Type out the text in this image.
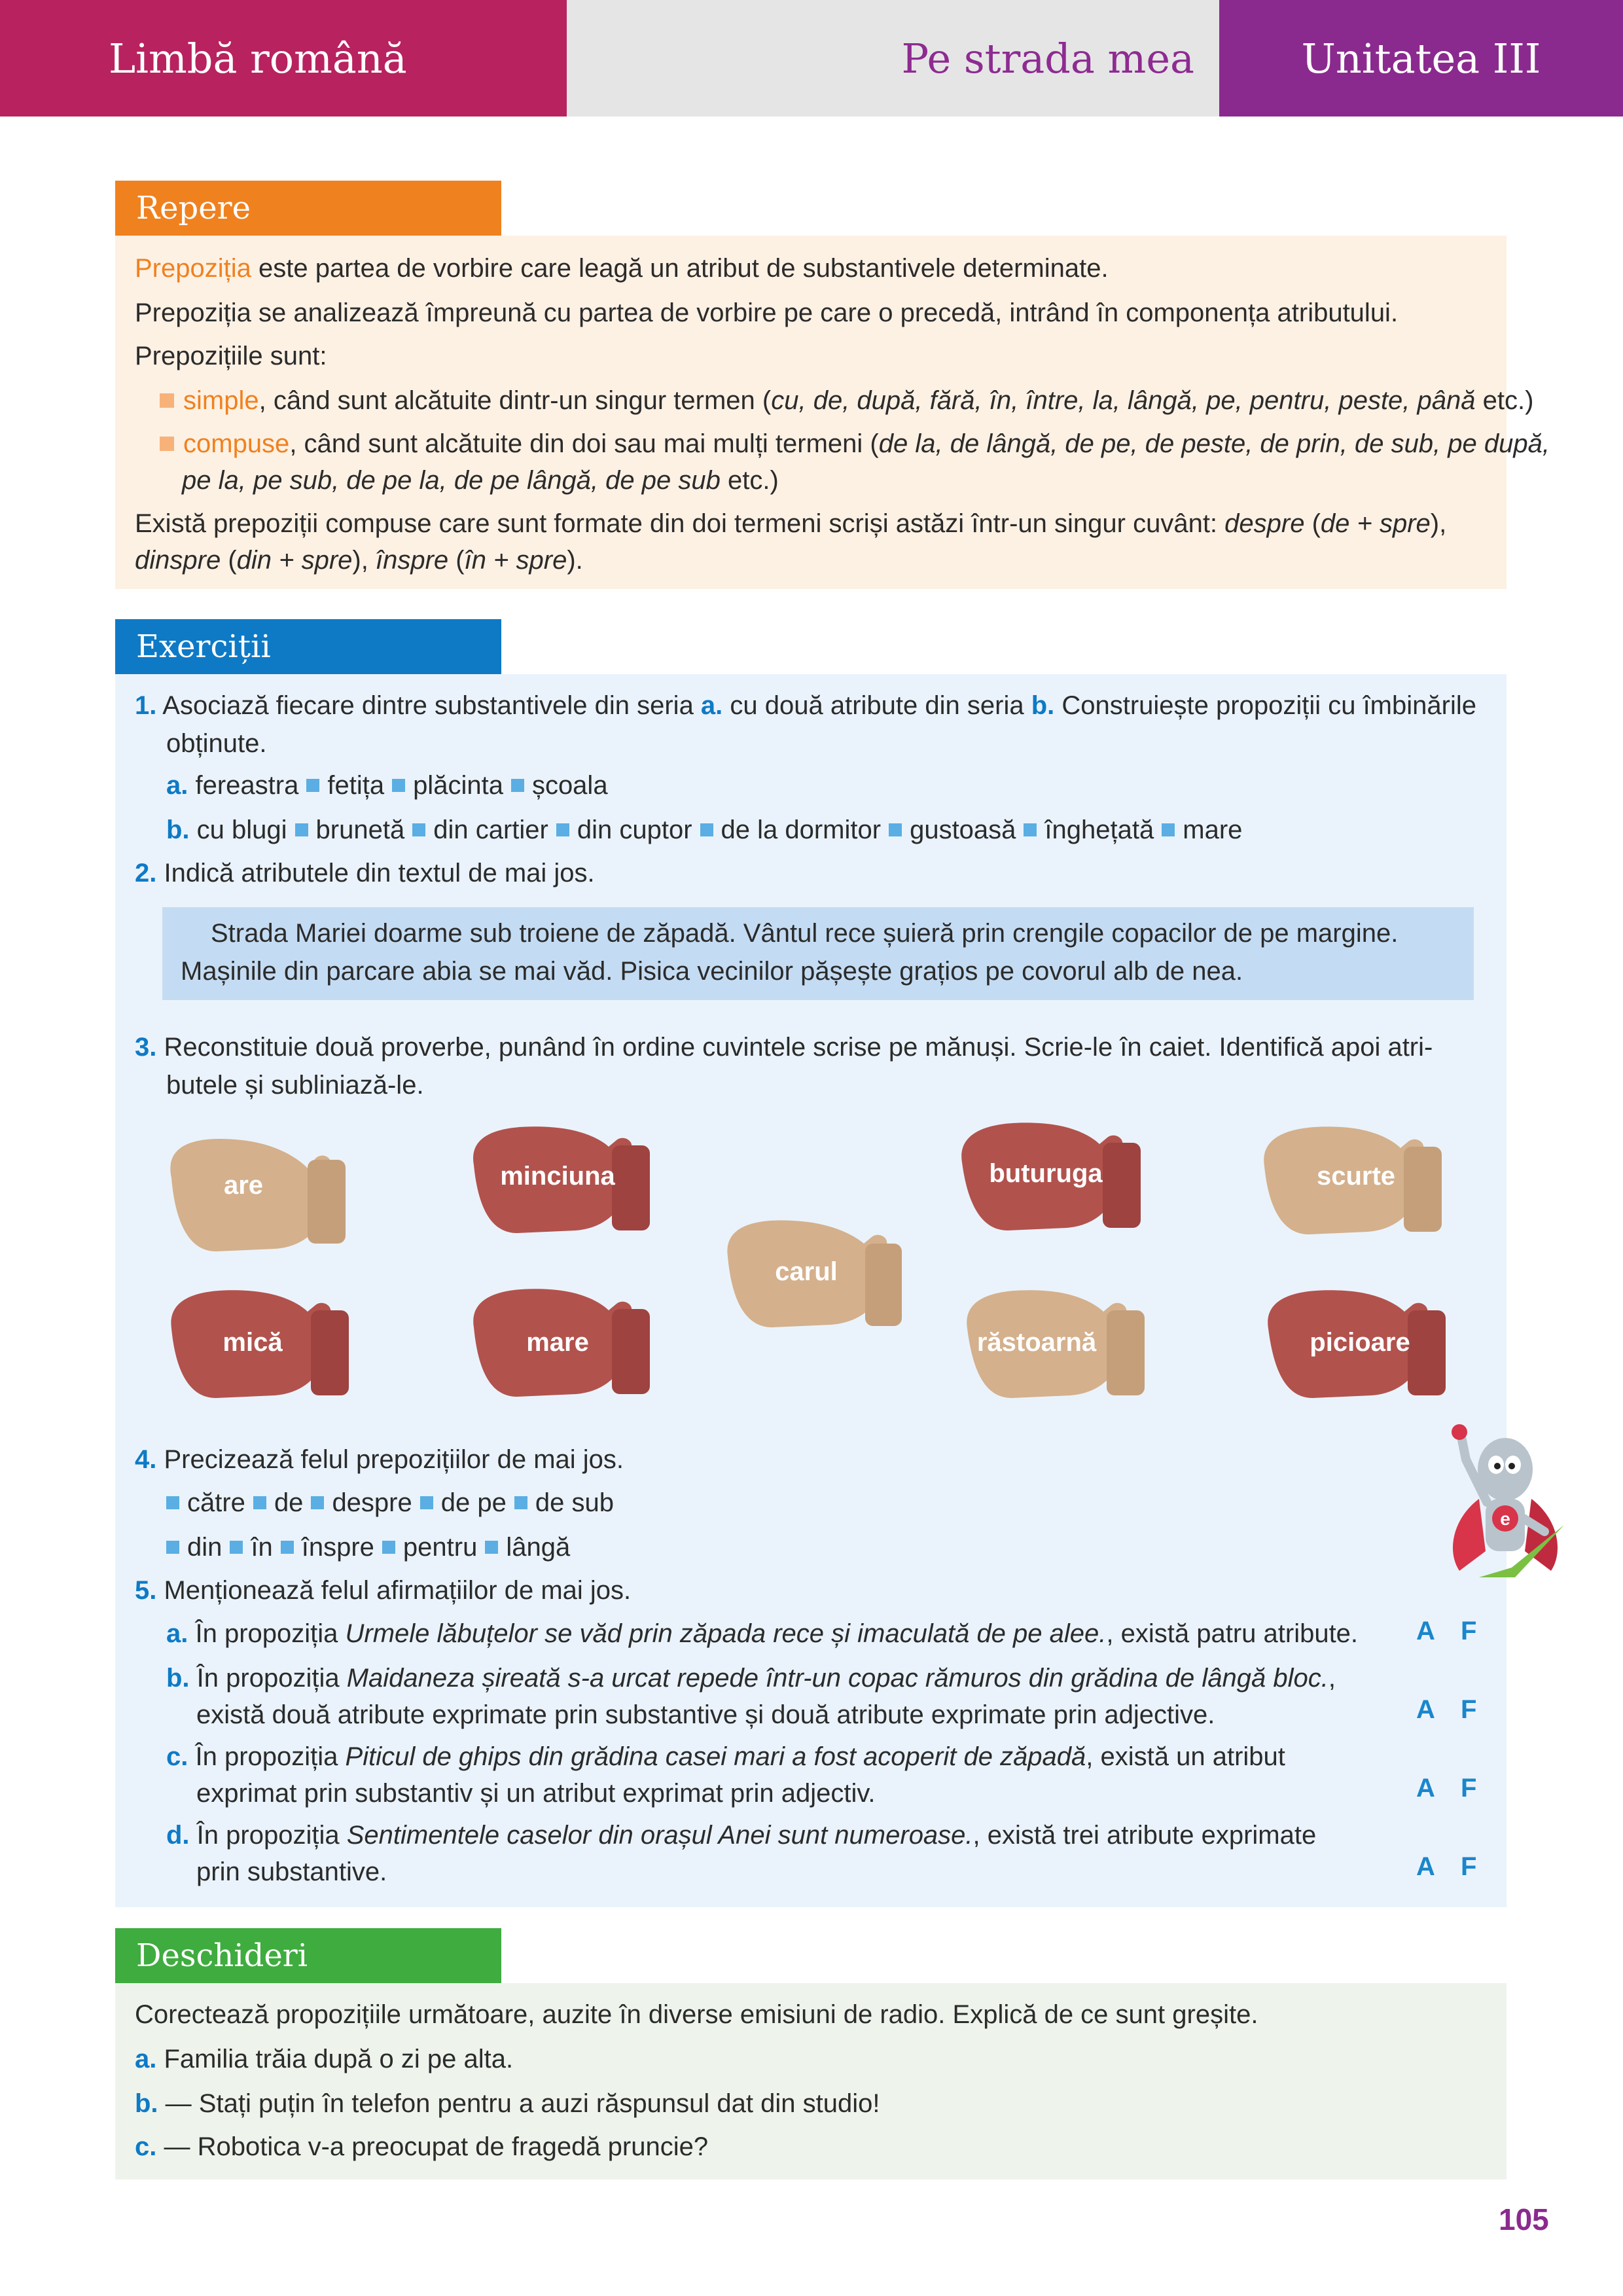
Limbă română	Pe strada mea	Unitatea III
Repere
Prepoziția este partea de vorbire care leagă un atribut de substantivele determinate.
Prepoziția se analizează împreună cu partea de vorbire pe care o precedă, intrând în componența atributului.
Prepozițiile sunt:
simple, când sunt alcătuite dintr-un singur termen (cu, de, după, fără, în, între, la, lângă, pe, pentru, peste, până etc.)
compuse, când sunt alcătuite din doi sau mai mulți termeni (de la, de lângă, de pe, de peste, de prin, de sub, pe după,
pe la, pe sub, de pe la, de pe lângă, de pe sub etc.)
Există prepoziții compuse care sunt formate din doi termeni scriși astăzi într-un singur cuvânt: despre (de + spre),
dinspre (din + spre), înspre (în + spre).
Exerciții
1. Asociază fiecare dintre substantivele din seria a. cu două atribute din seria b. Construiește propoziții cu îmbinările
obținute.
a. fereastra fetița plăcinta școala
b. cu blugi brunetă din cartier din cuptor de la dormitor gustoasă înghețată mare
2. Indică atributele din textul de mai jos.
Strada Mariei doarme sub troiene de zăpadă. Vântul rece șuieră prin crengile copacilor de pe margine.
Mașinile din parcare abia se mai văd. Pisica vecinilor pășește grațios pe covorul alb de nea.
3. Reconstituie două proverbe, punând în ordine cuvintele scrise pe mănuși. Scrie-le în caiet. Identifică apoi atri-
butele și subliniază-le.
are	minciuna
carul
buturuga	scurte
mică	mare	răstoarnă	picioare
4. Precizează felul prepozițiilor de mai jos.
către de despre de pe de sub
din în înspre pentru lângă
e
5. Menționează felul afirmațiilor de mai jos.
a. În propoziția Urmele lăbuțelor se văd prin zăpada rece și imaculată de pe alee., există patru atribute. A F
b. În propoziția Maidaneza șireată s-a urcat repede într-un copac rămuros din grădina de lângă bloc.,
există două atribute exprimate prin substantive și două atribute exprimate prin adjective.	A F
c. În propoziția Piticul de ghips din grădina casei mari a fost acoperit de zăpadă, există un atribut
exprimat prin substantiv și un atribut exprimat prin adjectiv.	A F
d. În propoziția Sentimentele caselor din orașul Anei sunt numeroase., există trei atribute exprimate
prin substantive.	A F
Deschideri
Corectează propozițiile următoare, auzite în diverse emisiuni de radio. Explică de ce sunt greșite.
a. Familia trăia după o zi pe alta.
b. — Stați puțin în telefon pentru a auzi răspunsul dat din studio!
c. — Robotica v-a preocupat de fragedă pruncie?
105
